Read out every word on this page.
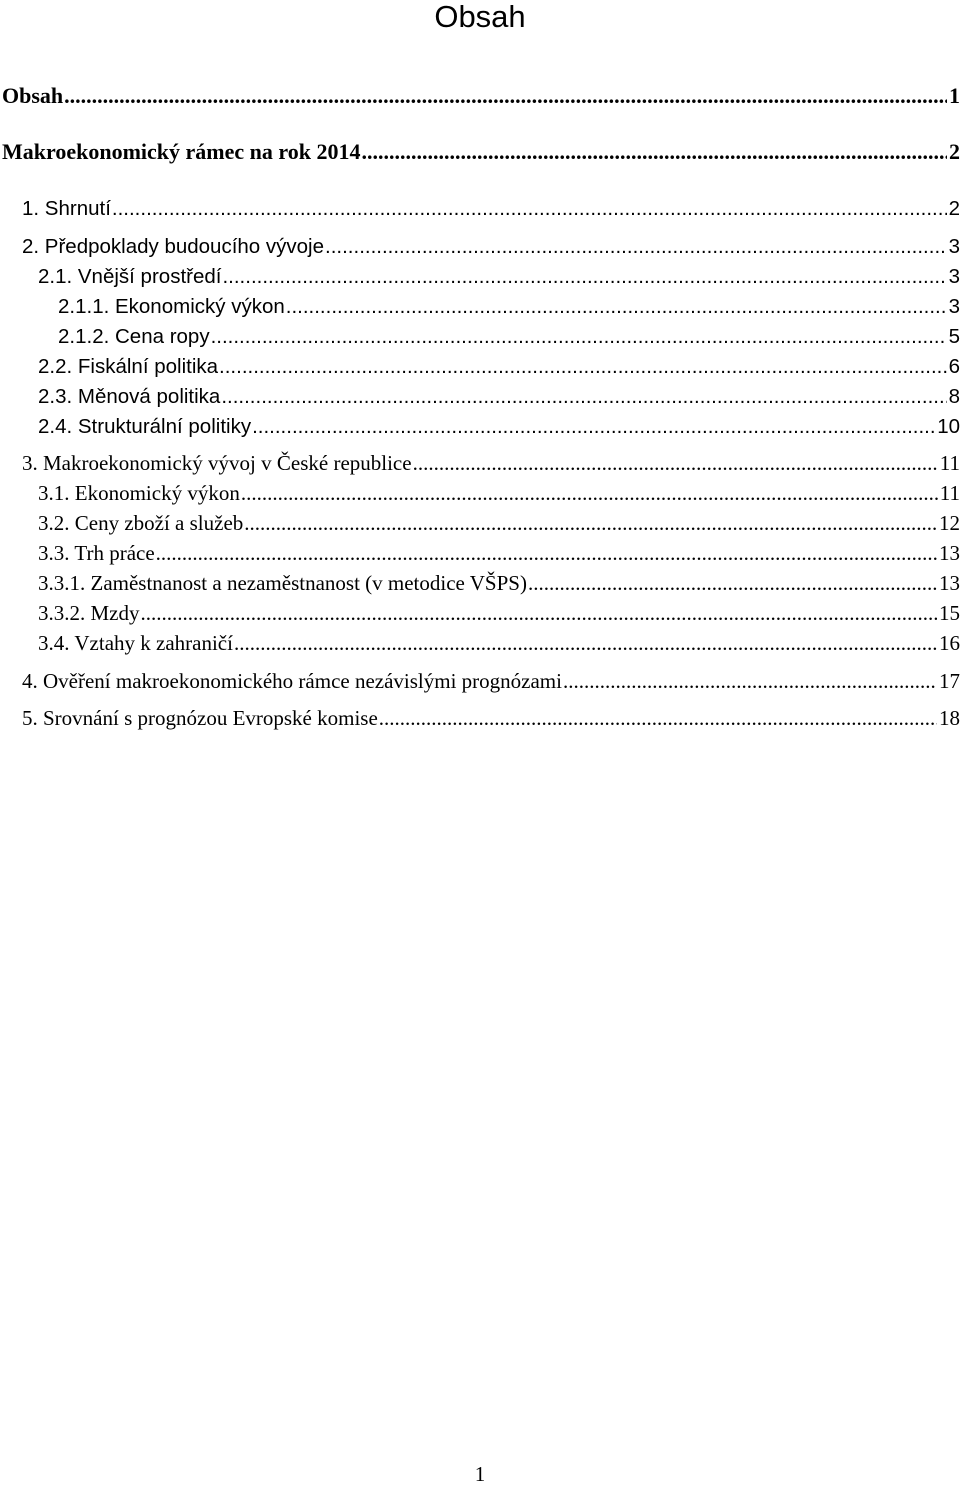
Obsah
Obsah .....	1
Makroekonomický rámec na rok 2014 .....	2
1. Shrnutí .....	2
2. Předpoklady budoucího vývoje .....	3
2.1. Vnější prostředí .....	3
2.1.1. Ekonomický výkon .....	3
2.1.2. Cena ropy .....	5
2.2. Fiskální politika .....	6
2.3. Měnová politika .....	8
2.4. Strukturální politiky .....	10
3. Makroekonomický vývoj v České republice .....	11
3.1. Ekonomický výkon .....	11
3.2. Ceny zboží a služeb .....	12
3.3. Trh práce .....	13
3.3.1. Zaměstnanost a nezaměstnanost (v metodice VŠPS) .....	13
3.3.2. Mzdy .....	15
3.4. Vztahy k zahraničí .....	16
4. Ověření makroekonomického rámce nezávislými prognózami .....	17
5. Srovnání s prognózou Evropské komise .....	18
1
